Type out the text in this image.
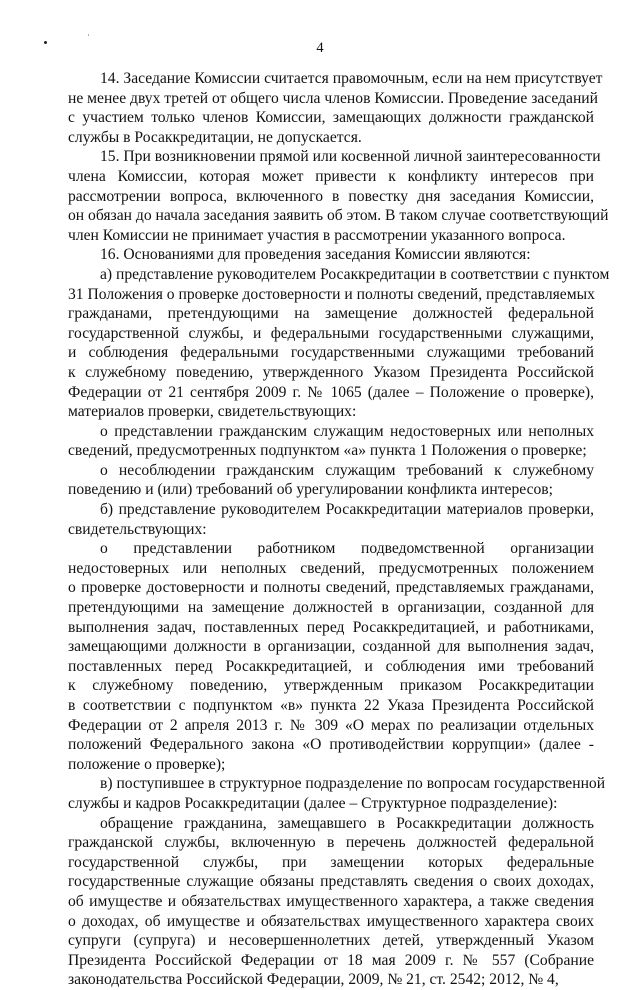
4
14. Заседание Комиссии считается правомочным, если на нем присутствует
не менее двух третей от общего числа членов Комиссии. Проведение заседаний
с участием только членов Комиссии, замещающих должности гражданской
службы в Росаккредитации, не допускается.
15. При возникновении прямой или косвенной личной заинтересованности
члена Комиссии, которая может привести к конфликту интересов при
рассмотрении вопроса, включенного в повестку дня заседания Комиссии,
он обязан до начала заседания заявить об этом. В таком случае соответствующий
член Комиссии не принимает участия в рассмотрении указанного вопроса.
16. Основаниями для проведения заседания Комиссии являются:
а) представление руководителем Росаккредитации в соответствии с пунктом
31 Положения о проверке достоверности и полноты сведений, представляемых
гражданами, претендующими на замещение должностей федеральной
государственной службы, и федеральными государственными служащими,
и соблюдения федеральными государственными служащими требований
к служебному поведению, утвержденного Указом Президента Российской
Федерации от 21 сентября 2009 г. № 1065 (далее – Положение о проверке),
материалов проверки, свидетельствующих:
о представлении гражданским служащим недостоверных или неполных
сведений, предусмотренных подпунктом «а» пункта 1 Положения о проверке;
о несоблюдении гражданским служащим требований к служебному
поведению и (или) требований об урегулировании конфликта интересов;
б) представление руководителем Росаккредитации материалов проверки,
свидетельствующих:
о представлении работником подведомственной организации
недостоверных или неполных сведений, предусмотренных положением
о проверке достоверности и полноты сведений, представляемых гражданами,
претендующими на замещение должностей в организации, созданной для
выполнения задач, поставленных перед Росаккредитацией, и работниками,
замещающими должности в организации, созданной для выполнения задач,
поставленных перед Росаккредитацией, и соблюдения ими требований
к служебному поведению, утвержденным приказом Росаккредитации
в соответствии с подпунктом «в» пункта 22 Указа Президента Российской
Федерации от 2 апреля 2013 г. № 309 «О мерах по реализации отдельных
положений Федерального закона «О противодействии коррупции» (далее -
положение о проверке);
в) поступившее в структурное подразделение по вопросам государственной
службы и кадров Росаккредитации (далее – Структурное подразделение):
обращение гражданина, замещавшего в Росаккредитации должность
гражданской службы, включенную в перечень должностей федеральной
государственной службы, при замещении которых федеральные
государственные служащие обязаны представлять сведения о своих доходах,
об имуществе и обязательствах имущественного характера, а также сведения
о доходах, об имуществе и обязательствах имущественного характера своих
супруги (супруга) и несовершеннолетних детей, утвержденный Указом
Президента Российской Федерации от 18 мая 2009 г. № 557 (Собрание
законодательства Российской Федерации, 2009, № 21, ст. 2542; 2012, № 4,
